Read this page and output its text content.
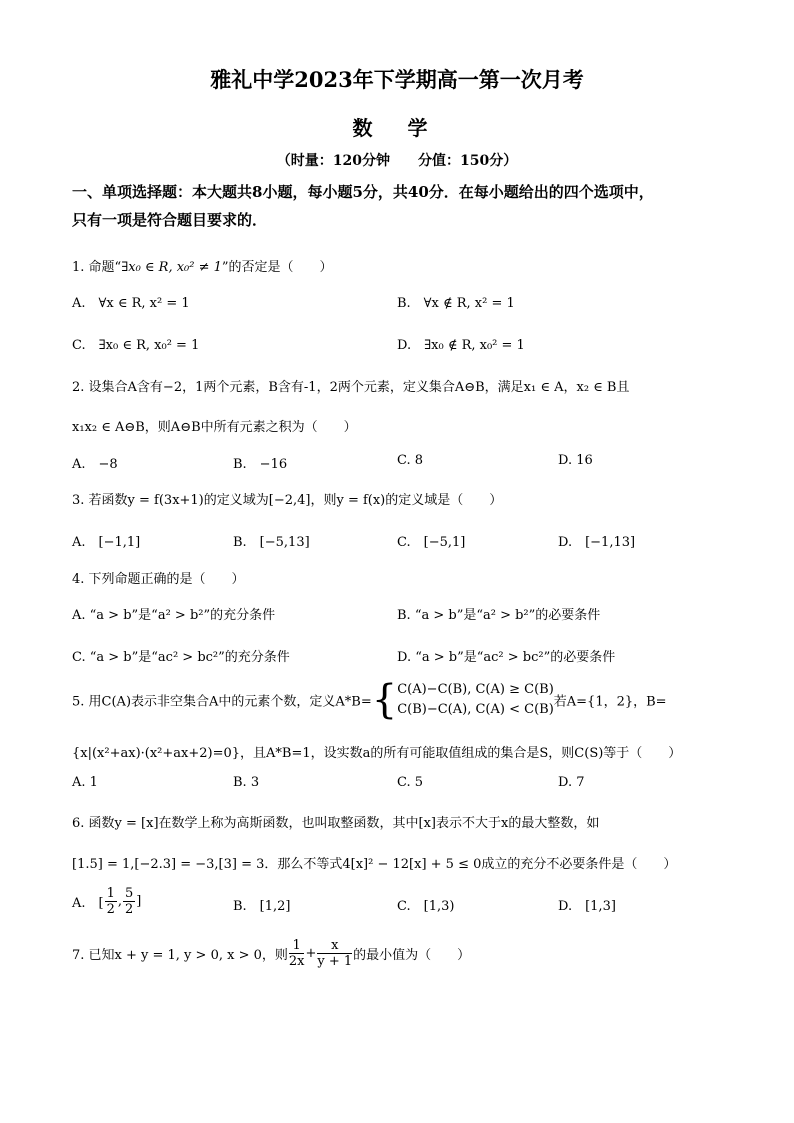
雅礼中学2023年下学期高一第一次月考
数 学
（时量：120分钟　　分值：150分）
一、单项选择题：本大题共8小题，每小题5分，共40分．在每小题给出的四个选项中，
只有一项是符合题目要求的．
1. 命题“∃x₀ ∈ R, x₀² ≠ 1”的否定是（　　）
A.　∀x ∈ R, x² = 1	B.　∀x ∉ R, x² = 1
C.　∃x₀ ∈ R, x₀² = 1	D.　∃x₀ ∉ R, x₀² = 1
2. 设集合A含有−2，1两个元素，B含有-1，2两个元素，定义集合A⊖B，满足x₁ ∈ A，x₂ ∈ B且
x₁x₂ ∈ A⊖B，则A⊖B中所有元素之积为（　　）
A.　−8	B.　−16	C. 8	D. 16
3. 若函数y = f(3x+1)的定义域为[−2,4]，则y = f(x)的定义域是（　　）
A.　[−1,1]	B.　[−5,13]	C.　[−5,1]	D.　[−1,13]
4. 下列命题正确的是（　　）
A. “a > b”是“a² > b²”的充分条件	B. “a > b”是“a² > b²”的必要条件
C. “a > b”是“ac² > bc²”的充分条件	D. “a > b”是“ac² > bc²”的必要条件
5. 用C(A)表示非空集合A中的元素个数，定义A*B={ C(A)−C(B), C(A) ≥ C(B)
C(B)−C(A), C(A) < C(B) 若A={1，2}，B=
{x|(x²+ax)·(x²+ax+2)=0}，且A*B=1，设实数a的所有可能取值组成的集合是S，则C(S)等于（　　）
A. 1	B. 3	C. 5	D. 7
6. 函数y = [x]在数学上称为高斯函数，也叫取整函数，其中[x]表示不大于x的最大整数，如
[1.5] = 1,[−2.3] = −3,[3] = 3．那么不等式4[x]² − 12[x] + 5 ≤ 0成立的充分不必要条件是（　　）
A.　[ $\frac{1}{2}$ , $\frac{5}{2}$ ]	B.　[1,2]	C.　[1,3)	D.　[1,3]
7. 已知x + y = 1, y > 0, x > 0，则 $\frac{1}{2x} + \frac{x}{y + 1}$ 的最小值为（　　）
